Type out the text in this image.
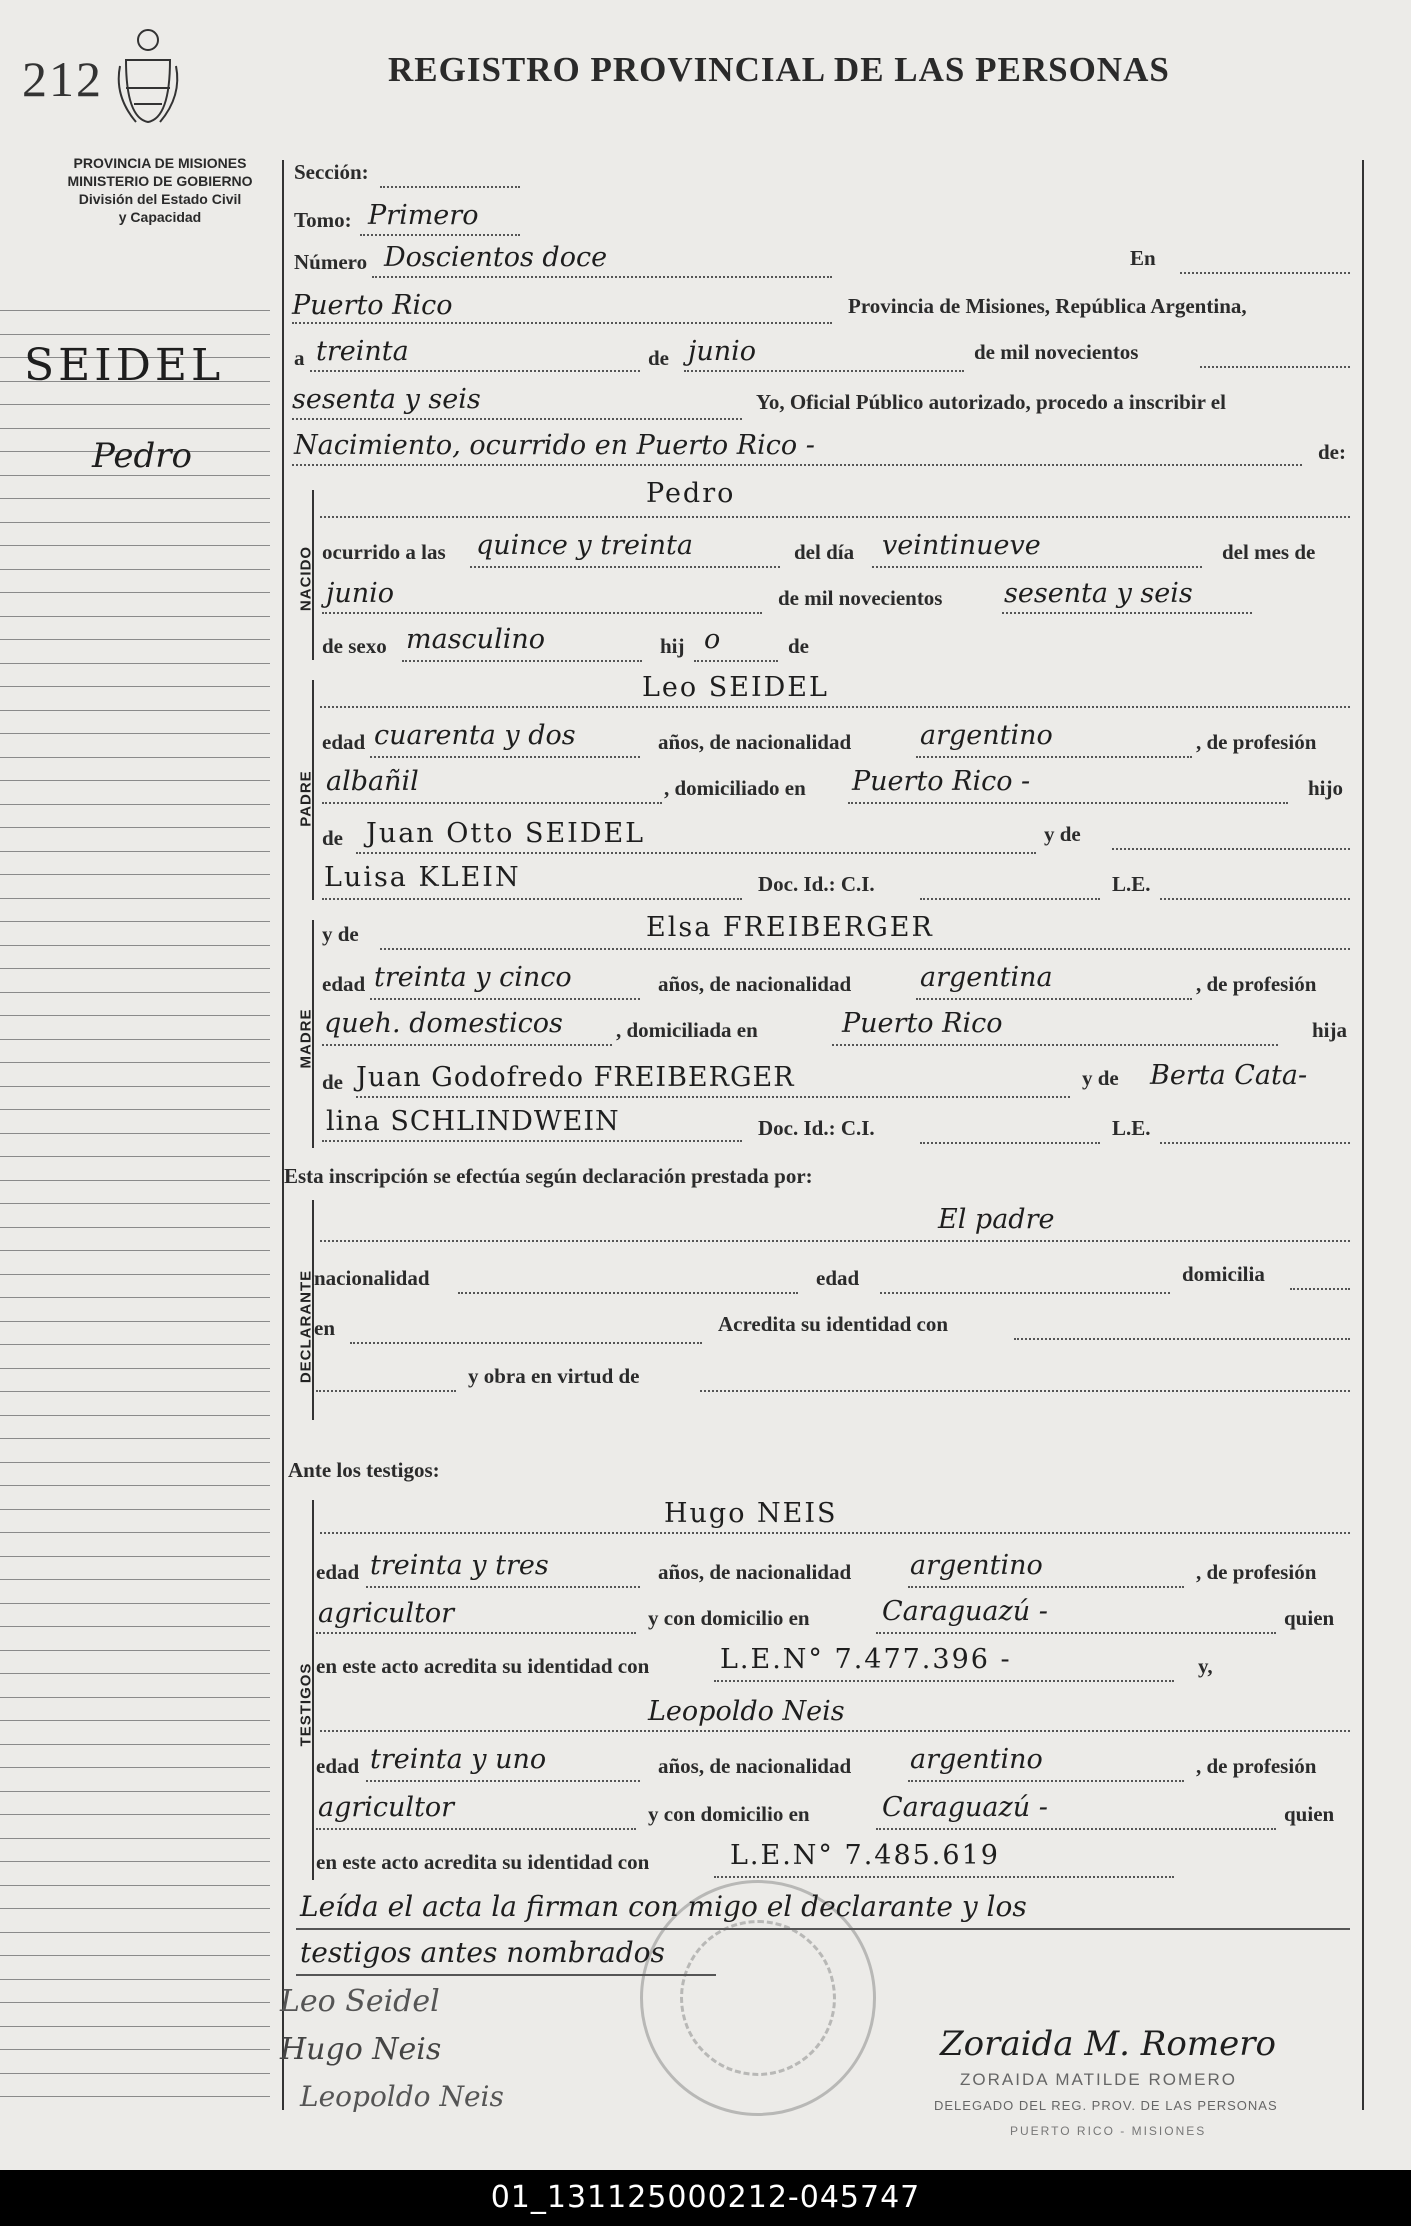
212	REGISTRO PROVINCIAL DE LAS PERSONAS
PROVINCIA DE MISIONES
MINISTERIO DE GOBIERNO
División del Estado Civil
y Capacidad
SEIDEL
Pedro
Sección:
Tomo: Primero
Número Doscientos doce	En
Puerto Rico	Provincia de Misiones, República Argentina,
a treinta	de junio	de mil novecientos
sesenta y seis	Yo, Oficial Público autorizado, procedo a inscribir el
Nacimiento, ocurrido en Puerto Rico -	de:
NACIDO
Pedro
ocurrido a las quince y treinta	del día veintinueve	del mes de
junio	de mil novecientos sesenta y seis
de sexo masculino	hij o	de
PADRE
Leo SEIDEL
edad cuarenta y dos	años, de nacionalidad	argentino	, de profesión
albañil	, domiciliado en Puerto Rico -	hijo
de Juan Otto SEIDEL	y de
Luisa KLEIN	Doc. Id.: C.I.	L.E.
MADRE
y de	Elsa FREIBERGER
edad treinta y cinco	años, de nacionalidad	argentina	, de profesión
queh. domesticos	, domiciliada en	Puerto Rico	hija
de Juan Godofredo FREIBERGER	y de Berta Cata-
lina SCHLINDWEIN	Doc. Id.: C.I.	L.E.
Esta inscripción se efectúa según declaración prestada por:
DECLARANTE
El padre
nacionalidad	edad	domicilia
en	Acredita su identidad con
y obra en virtud de
Ante los testigos:
TESTIGOS
Hugo NEIS
edad treinta y tres	años, de nacionalidad argentino	, de profesión
agricultor	y con domicilio en	Caraguazú -	quien
en este acto acredita su identidad con	L.E.N° 7.477.396 -	y,
Leopoldo Neis
edad treinta y uno	años, de nacionalidad argentino	, de profesión
agricultor	y con domicilio en	Caraguazú -	quien
en este acto acredita su identidad con	L.E.N° 7.485.619
Leída el acta la firman con migo el declarante y los
testigos antes nombrados
Leo Seidel
Hugo Neis
Leopoldo Neis
Zoraida M. Romero
ZORAIDA MATILDE ROMERO
DELEGADO DEL REG. PROV. DE LAS PERSONAS
PUERTO RICO - MISIONES
01_131125000212-045747
